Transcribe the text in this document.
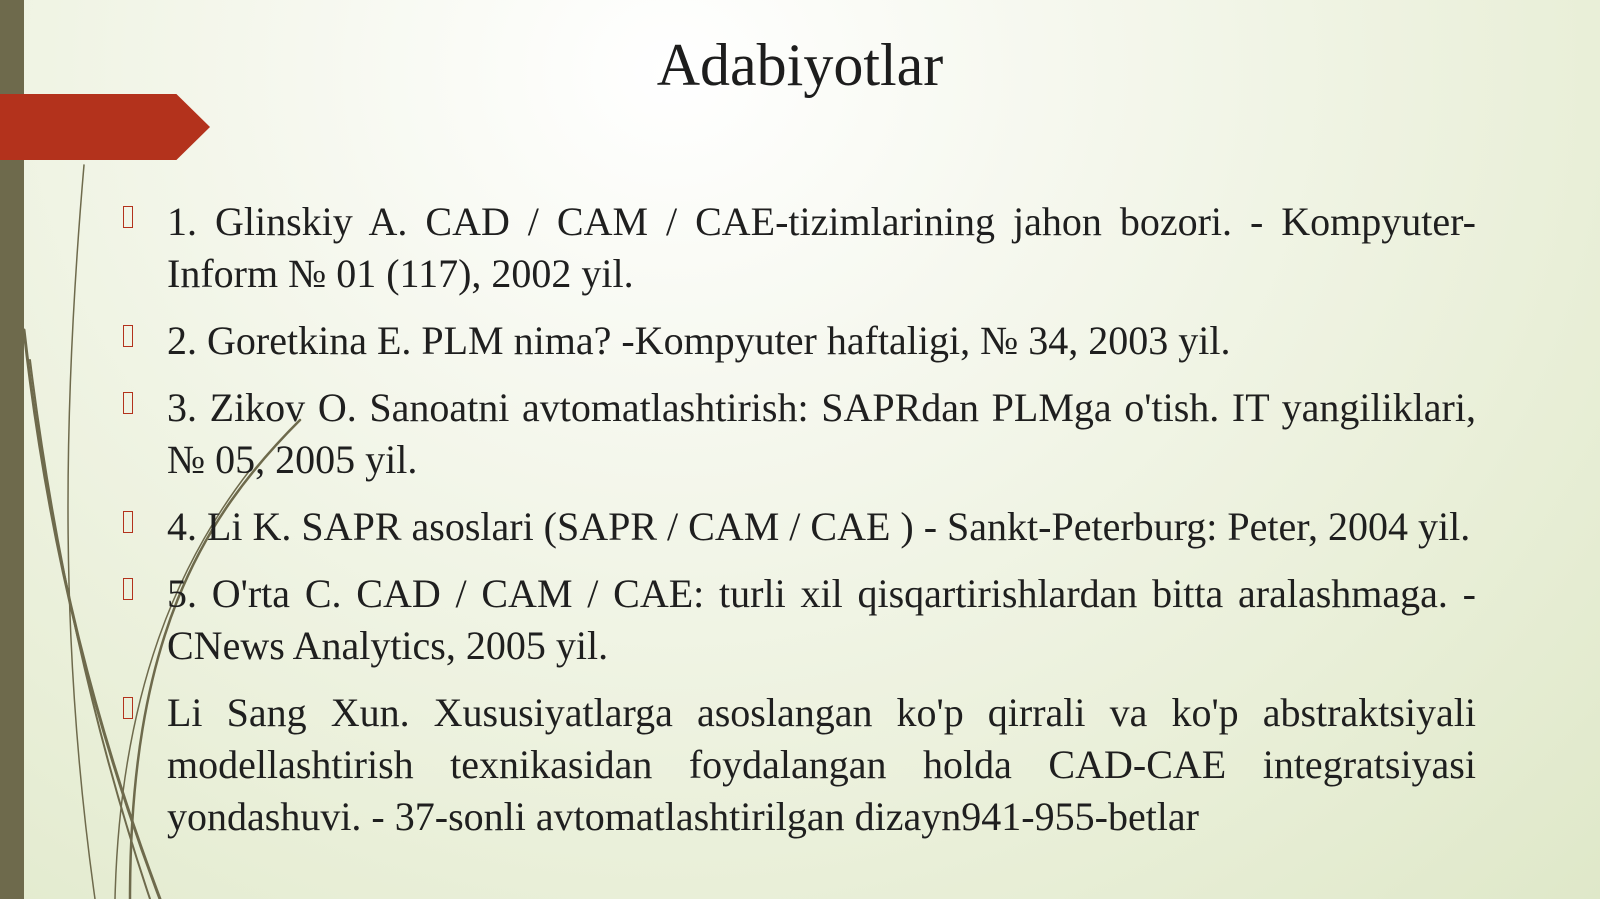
Adabiyotlar
1. Glinskiy A. CAD / CAM / CAE-tizimlarining jahon bozori. - Kompyuter-Inform № 01 (117), 2002 yil.
2. Goretkina E. PLM nima? -Kompyuter haftaligi, № 34, 2003 yil.
3. Zikov O. Sanoatni avtomatlashtirish: SAPRdan PLMga o'tish. IT yangiliklari, № 05, 2005 yil.
4. Li K. SAPR asoslari (SAPR / CAM / CAE ) - Sankt-Peterburg: Peter, 2004 yil.
5. O'rta C. CAD / CAM / CAE: turli xil qisqartirishlardan bitta aralashmaga. - CNews Analytics, 2005 yil.
Li Sang Xun. Xususiyatlarga asoslangan ko'p qirrali va ko'p abstraktsiyali modellashtirish texnikasidan foydalangan holda CAD-CAE integratsiyasi yondashuvi. - 37-sonli avtomatlashtirilgan dizayn941-955-betlar
